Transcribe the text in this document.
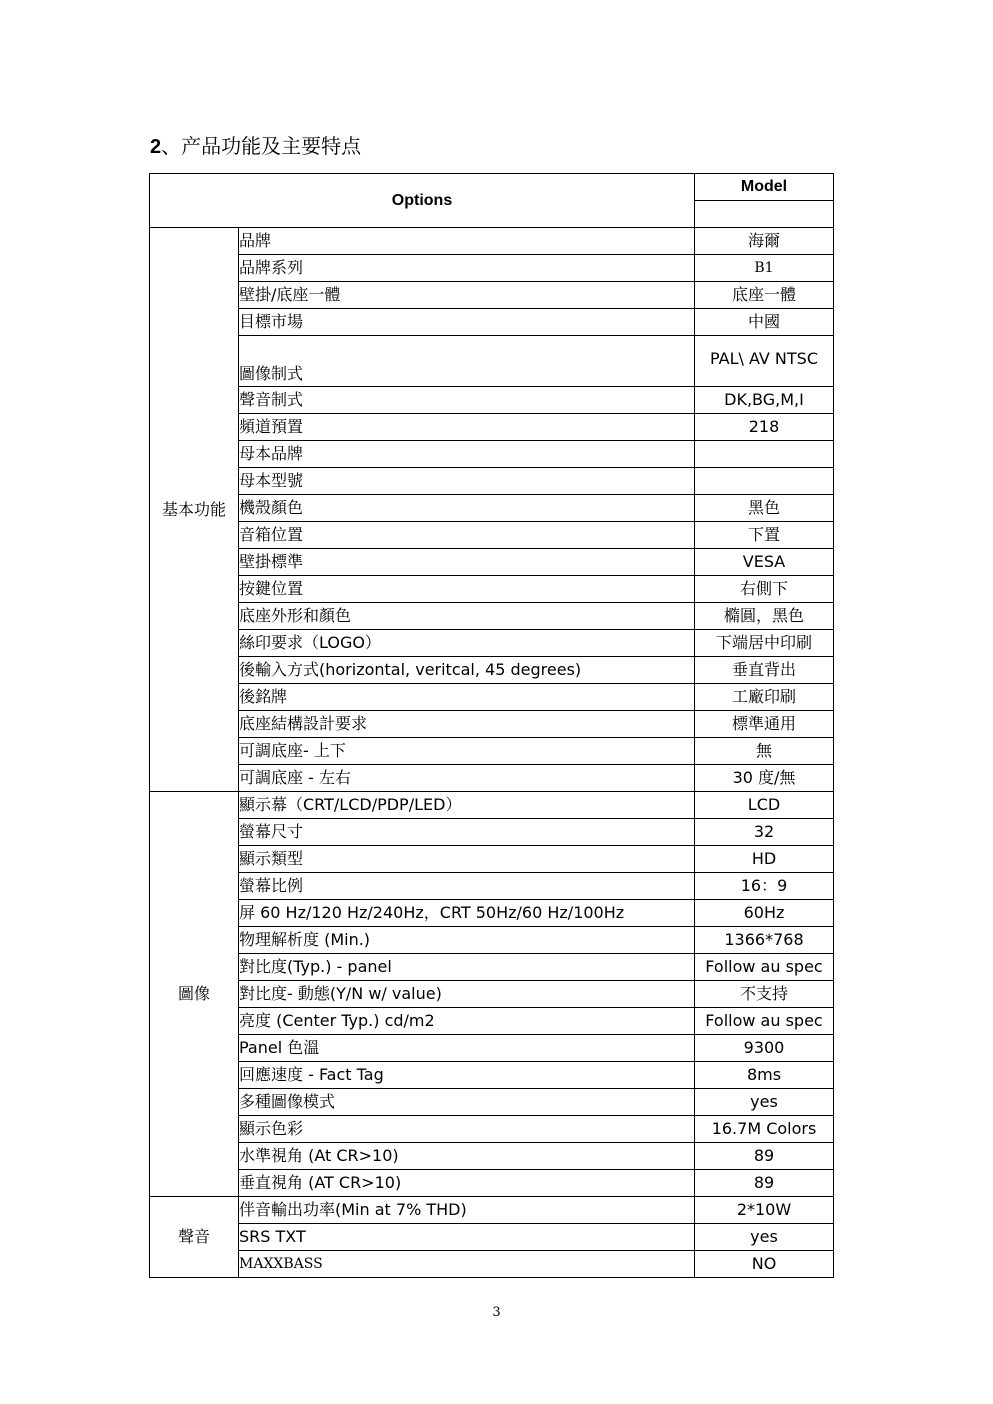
2、产品功能及主要特点
Options		Model

基本功能	品牌	海爾
	品牌系列	B1
	壁掛/底座一體	底座一體
	目標市場	中國
	圖像制式	PAL\ AV NTSC
	聲音制式	DK,BG,M,I
	頻道預置	218
	母本品牌	
	母本型號	
	機殼顏色	黑色
	音箱位置	下置
	壁掛標準	VESA
	按鍵位置	右側下
	底座外形和顏色	橢圓，黑色
	絲印要求（LOGO）	下端居中印刷
	後輸入方式(horizontal, veritcal, 45 degrees)	垂直背出
	後銘牌	工廠印刷
	底座結構設計要求	標準通用
	可調底座- 上下	無
	可調底座 - 左右	30 度/無
圖像	顯示幕（CRT/LCD/PDP/LED）	LCD
	螢幕尺寸	32
	顯示類型	HD
	螢幕比例	16：9
	屏 60 Hz/120 Hz/240Hz，CRT 50Hz/60 Hz/100Hz	60Hz
	物理解析度 (Min.)	1366*768
	對比度(Typ.) - panel	Follow au spec
	對比度- 動態(Y/N w/ value)	不支持
	亮度 (Center Typ.) cd/m2	Follow au spec
	Panel 色溫	9300
	回應速度 - Fact Tag	8ms
	多種圖像模式	yes
	顯示色彩	16.7M Colors
	水準視角 (At CR>10)	89
	垂直視角 (AT CR>10)	89
聲音	伴音輸出功率(Min at 7% THD)	2*10W
	SRS TXT	yes
	MAXXBASS	NO
3
